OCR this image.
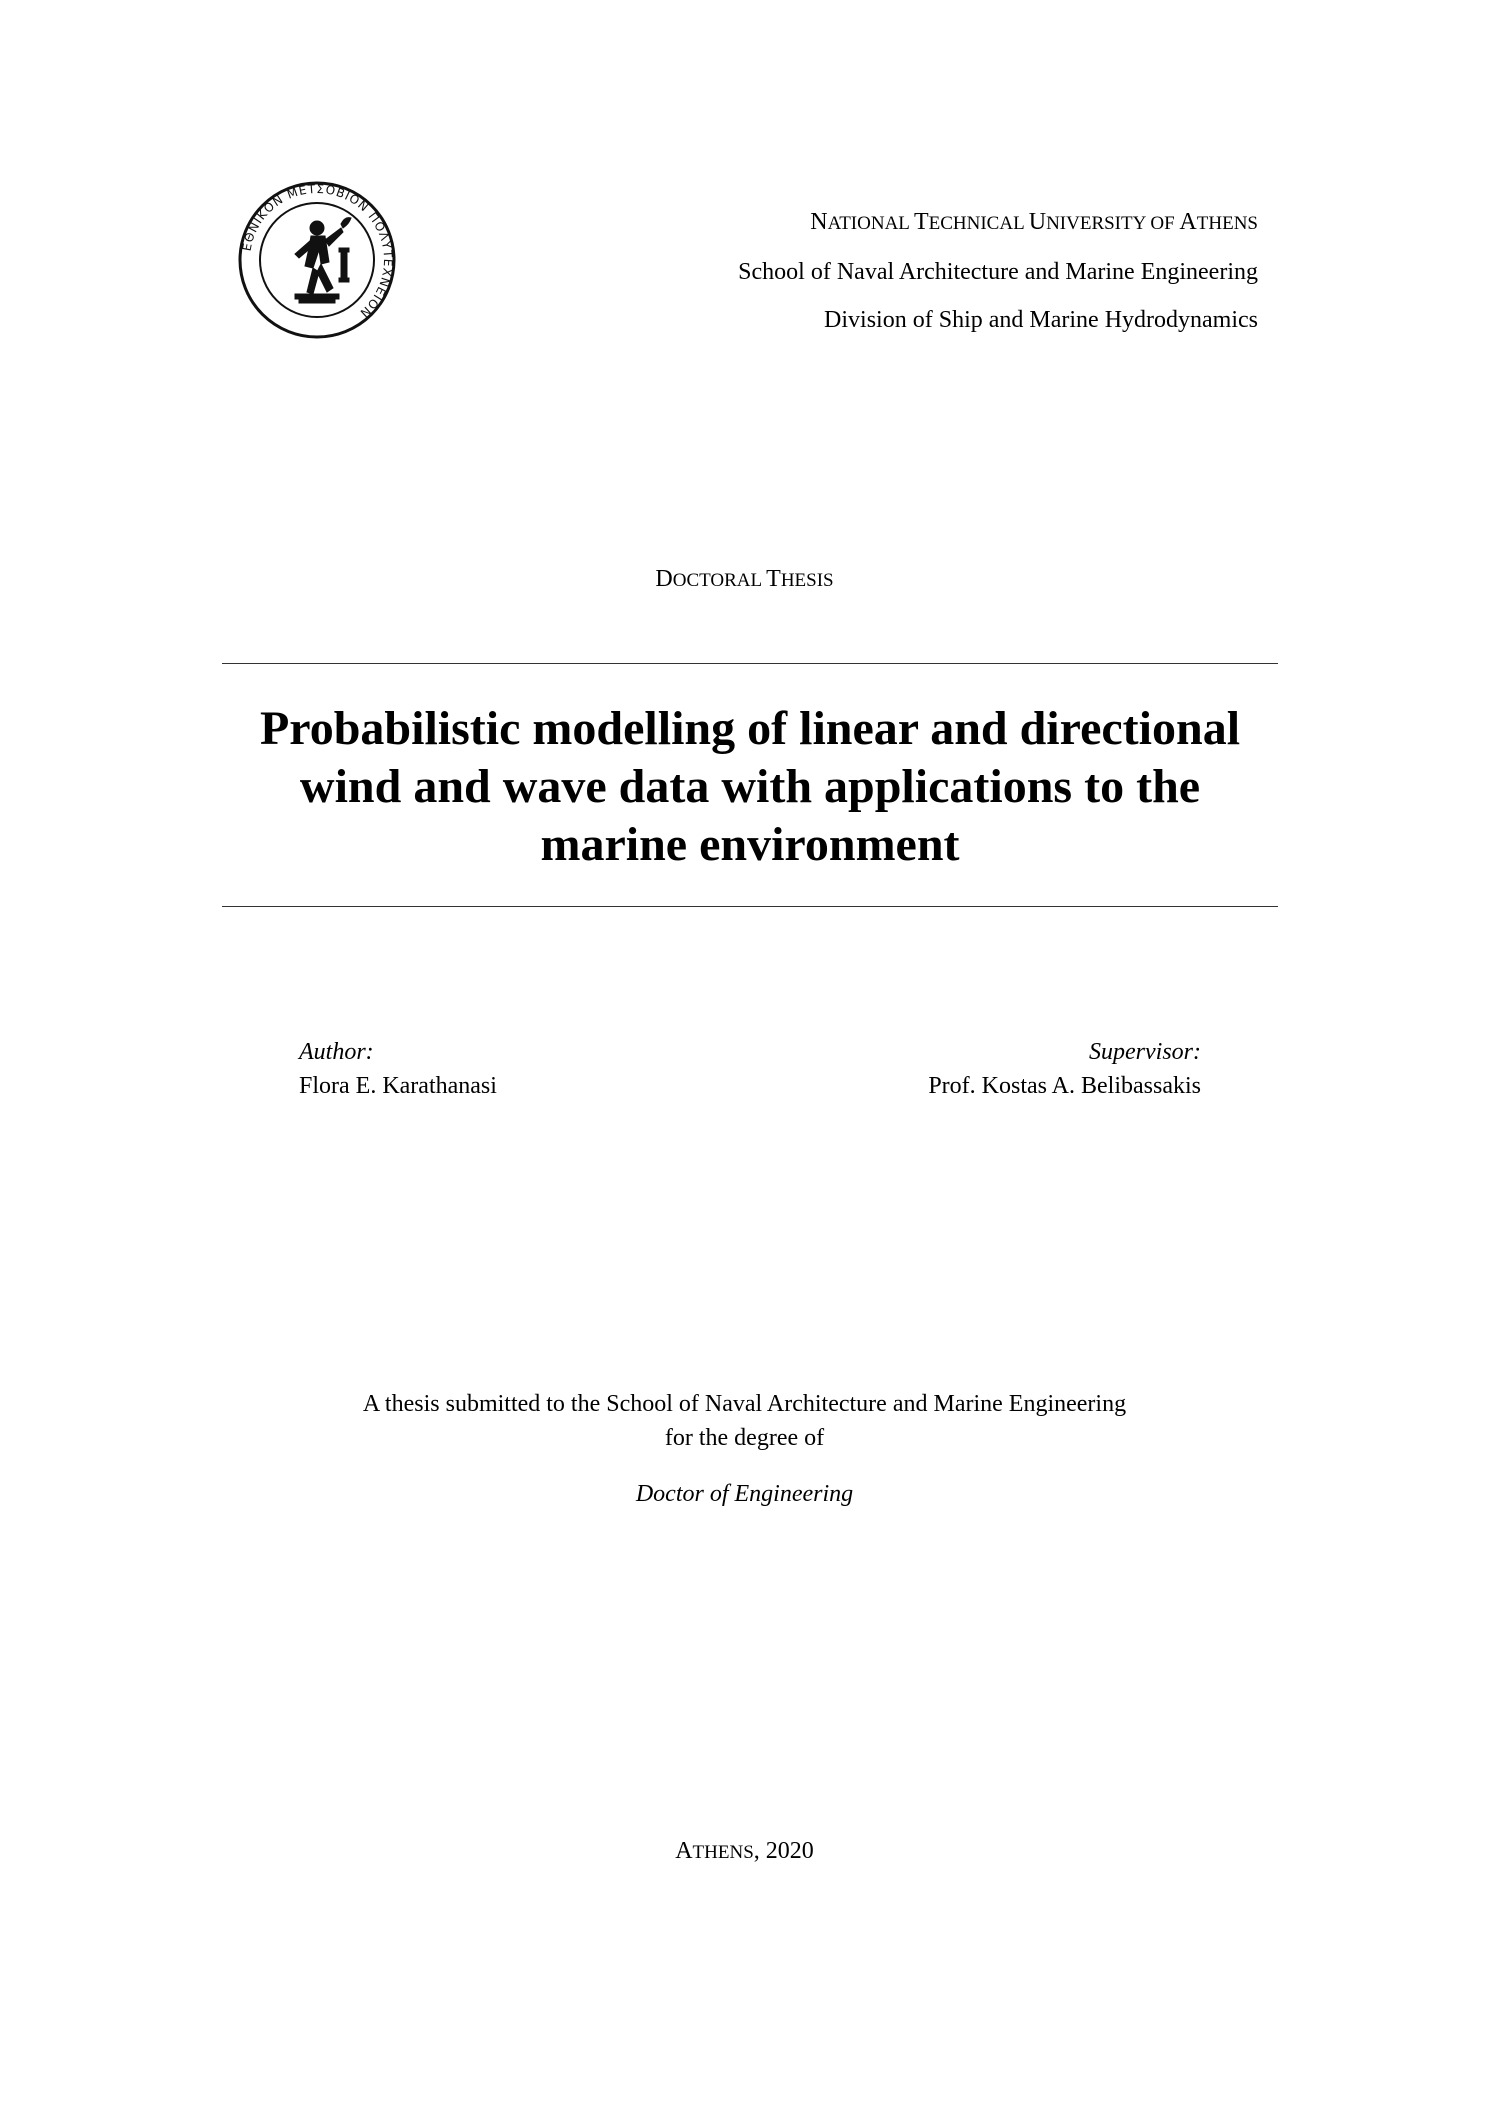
ΕΘΝΙΚΟΝ ΜΕΤΣΟΒΙΟΝ ΠΟΛΥΤΕΧΝΕΙΟΝ
NATIONAL TECHNICAL UNIVERSITY OF ATHENS
School of Naval Architecture and Marine Engineering
Division of Ship and Marine Hydrodynamics
DOCTORAL THESIS
Probabilistic modelling of linear and directional
wind and wave data with applications to the
marine environment
Author:
Flora E. Karathanasi
Supervisor:
Prof. Kostas A. Belibassakis
A thesis submitted to the School of Naval Architecture and Marine Engineering
for the degree of
Doctor of Engineering
ATHENS, 2020
